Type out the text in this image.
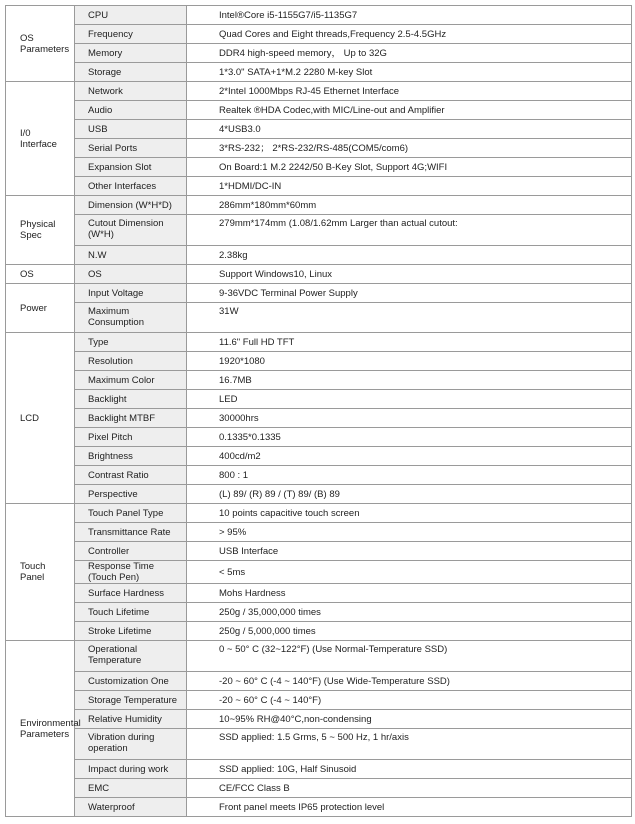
OS Parameters	CPU	Intel®Core i5-1155G7/i5-1135G7
	Frequency	Quad Cores and Eight threads,Frequency 2.5-4.5GHz
	Memory	DDR4 high-speed memory， Up to 32G
	Storage	1*3.0" SATA+1*M.2 2280 M-key Slot
I/0 Interface	Network	2*Intel 1000Mbps RJ-45 Ethernet Interface
	Audio	Realtek ®HDA Codec,with MIC/Line-out and Amplifier
	USB	4*USB3.0
	Serial Ports	3*RS-232； 2*RS-232/RS-485(COM5/com6)
	Expansion Slot	On Board:1 M.2 2242/50 B-Key Slot, Support 4G;WIFI
	Other Interfaces	1*HDMI/DC-IN
Physical Spec	Dimension (W*H*D)	286mm*180mm*60mm
	Cutout Dimension (W*H)	279mm*174mm (1.08/1.62mm Larger than actual cutout:
	N.W	2.38kg
OS	OS	Support Windows10, Linux
Power	Input Voltage	9-36VDC Terminal Power Supply
	Maximum Consumption	31W
LCD	Type	11.6" Full HD TFT
	Resolution	1920*1080
	Maximum Color	16.7MB
	Backlight	LED
	Backlight MTBF	30000hrs
	Pixel Pitch	0.1335*0.1335
	Brightness	400cd/m2
	Contrast Ratio	800 : 1
	Perspective	(L) 89/ (R) 89 / (T) 89/ (B) 89
Touch Panel	Touch Panel Type	10 points capacitive touch screen
	Transmittance Rate	> 95%
	Controller	USB Interface
	Response Time (Touch Pen)	< 5ms
	Surface Hardness	Mohs Hardness
	Touch Lifetime	250g / 35,000,000 times
	Stroke Lifetime	250g / 5,000,000 times
Environmental Parameters	Operational Temperature	0 ~ 50° C (32~122°F) (Use Normal-Temperature SSD)
	Customization One	-20 ~ 60° C (-4 ~ 140°F) (Use Wide-Temperature SSD)
	Storage Temperature	-20 ~ 60° C (-4 ~ 140°F)
	Relative Humidity	10~95% RH@40°C,non-condensing
	Vibration during operation	SSD applied: 1.5 Grms, 5 ~ 500 Hz, 1 hr/axis
	Impact during work	SSD applied: 10G, Half Sinusoid
	EMC	CE/FCC Class B
	Waterproof	Front panel meets IP65 protection level
